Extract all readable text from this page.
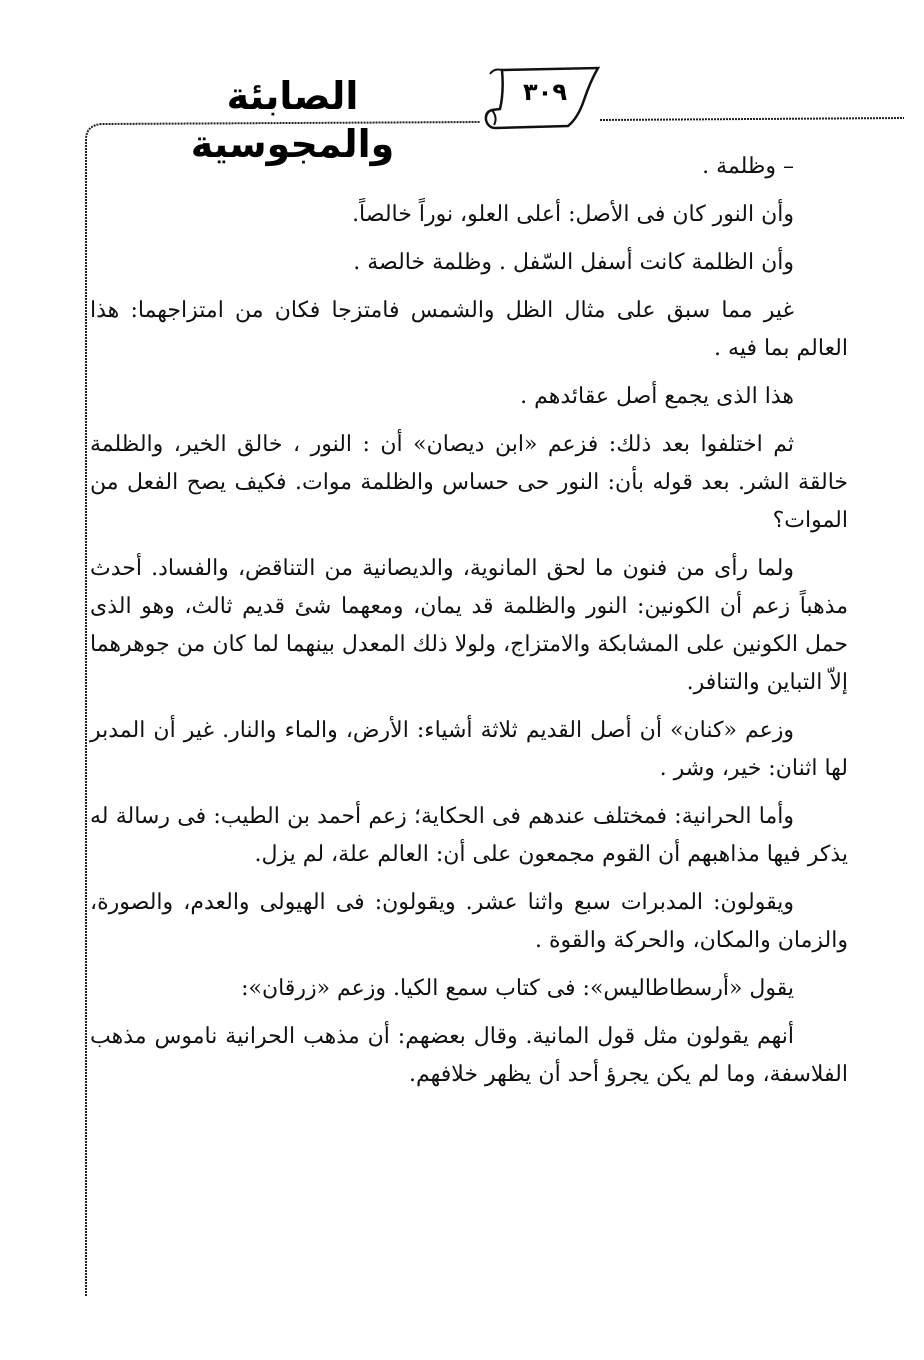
الصابئة والمجوسية
٣٠٩

– وظلمة .

وأن النور كان فى الأصل: أعلى العلو، نوراً خالصاً.

وأن الظلمة كانت أسفل السّفل . وظلمة خالصة .

غير مما سبق على مثال الظل والشمس فامتزجا فكان من امتزاجهما: هذا العالم بما فيه .

هذا الذى يجمع أصل عقائدهم .

ثم اختلفوا بعد ذلك: فزعم «ابن ديصان» أن : النور ، خالق الخير، والظلمة خالقة الشر. بعد قوله بأن: النور حى حساس والظلمة موات. فكيف يصح الفعل من الموات؟

ولما رأى من فنون ما لحق المانوية، والديصانية من التناقض، والفساد. أحدث مذهباً زعم أن الكونين: النور والظلمة قد يمان، ومعهما شئ قديم ثالث، وهو الذى حمل الكونين على المشابكة والامتزاج، ولولا ذلك المعدل بينهما لما كان من جوهرهما إلاّ التباين والتنافر.

وزعم «كنان» أن أصل القديم ثلاثة أشياء: الأرض، والماء والنار. غير أن المدبر لها اثنان: خير، وشر .

وأما الحرانية: فمختلف عندهم فى الحكاية؛ زعم أحمد بن الطيب: فى رسالة له يذكر فيها مذاهبهم أن القوم مجمعون على أن: العالم علة، لم يزل.

ويقولون: المدبرات سبع واثنا عشر. ويقولون: فى الهيولى والعدم، والصورة، والزمان والمكان، والحركة والقوة .

يقول «أرسطاطاليس»: فى كتاب سمع الكيا. وزعم «زرقان»:

أنهم يقولون مثل قول المانية. وقال بعضهم: أن مذهب الحرانية ناموس مذهب الفلاسفة، وما لم يكن يجرؤ أحد أن يظهر خلافهم.
